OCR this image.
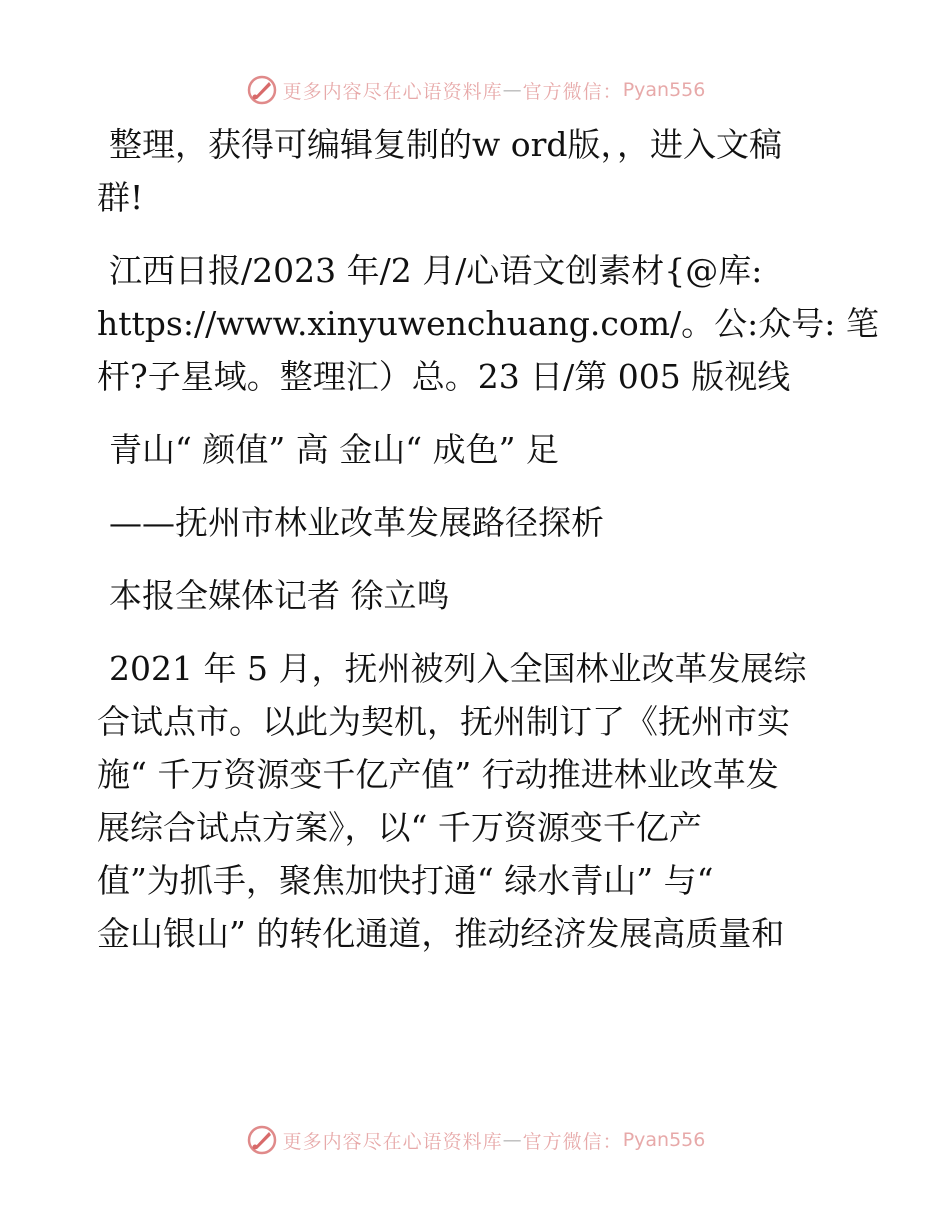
更多内容尽在心语资料库 — 官方微信： Pyan556

整理，获得可编辑复制的w ord版，，进入文稿
群!

江西日报/2023 年/2 月/心语文创素材{@库:
https://www.xinyuwenchuang.com/。公:众号: 笔
杆?子星域。整理汇）总。23 日/第 005 版视线

青山“ 颜值” 高 金山“ 成色” 足

——抚州市林业改革发展路径探析

本报全媒体记者 徐立鸣

2021 年 5 月，抚州被列入全国林业改革发展综
合试点市。以此为契机，抚州制订了《抚州市实
施“ 千万资源变千亿产值” 行动推进林业改革发
展综合试点方案》，以“ 千万资源变千亿产
值”为抓手，聚焦加快打通“ 绿水青山” 与“
金山银山” 的转化通道，推动经济发展高质量和

更多内容尽在心语资料库 — 官方微信： Pyan556
